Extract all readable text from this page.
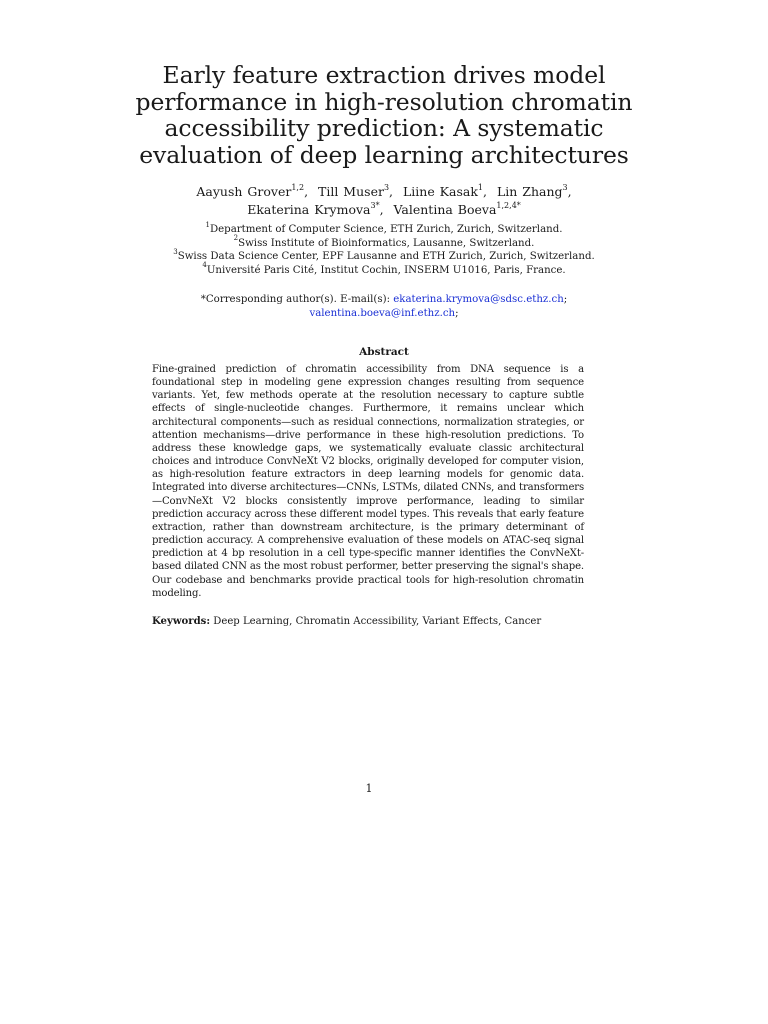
Early feature extraction drives model performance in high-resolution chromatin accessibility prediction: A systematic evaluation of deep learning architectures
Aayush Grover$^{1,2}$,  Till Muser$^3$,  Liine Kasak$^1$,  Lin Zhang$^3$,
Ekaterina Krymova$^{3*}$,  Valentina Boeva$^{1,2,4*}$
$^1$Department of Computer Science, ETH Zurich, Zurich, Switzerland.
$^2$Swiss Institute of Bioinformatics, Lausanne, Switzerland.
$^3$Swiss Data Science Center, EPF Lausanne and ETH Zurich, Zurich, Switzerland.
$^4$Université Paris Cité, Institut Cochin, INSERM U1016, Paris, France.
*Corresponding author(s). E-mail(s): ekaterina.krymova@sdsc.ethz.ch;
valentina.boeva@inf.ethz.ch;
Abstract
Fine-grained prediction of chromatin accessibility from DNA sequence is a foundational step in modeling gene expression changes resulting from sequence variants. Yet, few methods operate at the resolution necessary to capture subtle effects of single-nucleotide changes. Furthermore, it remains unclear which architectural components—such as residual connections, normalization strategies, or attention mechanisms—drive performance in these high-resolution predictions. To address these knowledge gaps, we systematically evaluate classic architectural choices and introduce ConvNeXt V2 blocks, originally developed for computer vision, as high-resolution feature extractors in deep learning models for genomic data. Integrated into diverse architectures—CNNs, LSTMs, dilated CNNs, and transformers—ConvNeXt V2 blocks consistently improve performance, leading to similar prediction accuracy across these different model types. This reveals that early feature extraction, rather than downstream architecture, is the primary determinant of prediction accuracy. A comprehensive evaluation of these models on ATAC-seq signal prediction at 4 bp resolution in a cell type-specific manner identifies the ConvNeXt-based dilated CNN as the most robust performer, better preserving the signal's shape. Our codebase and benchmarks provide practical tools for high-resolution chromatin modeling.
Keywords: Deep Learning, Chromatin Accessibility, Variant Effects, Cancer
1
